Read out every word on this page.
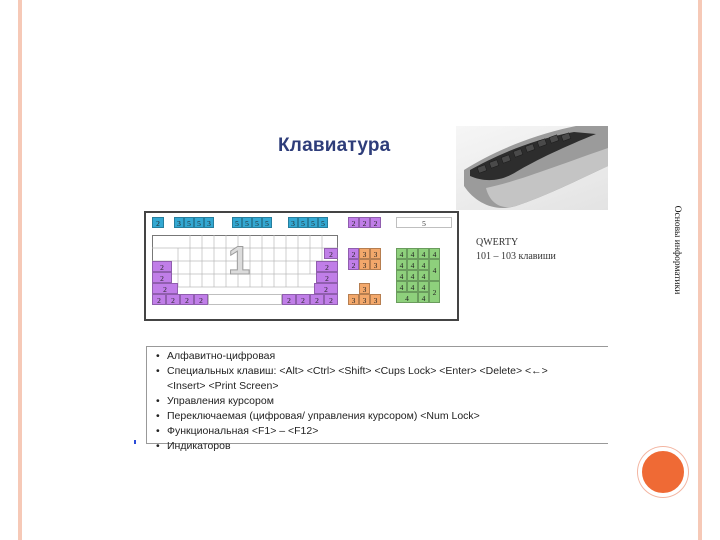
Основы информатики
Клавиатура
2	3 5 5 3	5 5 5 5	3 5 5 5	2 2 2	5
1
2
2
2
2	2	2	2
2
2
2
2
2	2	2	2
2 3 3
2 3 3
3
3 3 3
4 4 4 4
4 4 4
4
4 4 4
4 4 4
2
4	4
QWERTY
101 – 103 клавиши
• Алфавитно-цифровая
• Специальных клавиш: <Alt> <Ctrl> <Shift> <Cups Lock> <Enter> <Delete> <←>
<Insert> <Print Screen>
• Управления курсором
• Переключаемая (цифровая/ управления курсором) <Num Lock>
• Функциональная <F1> – <F12>
• Индикаторов
